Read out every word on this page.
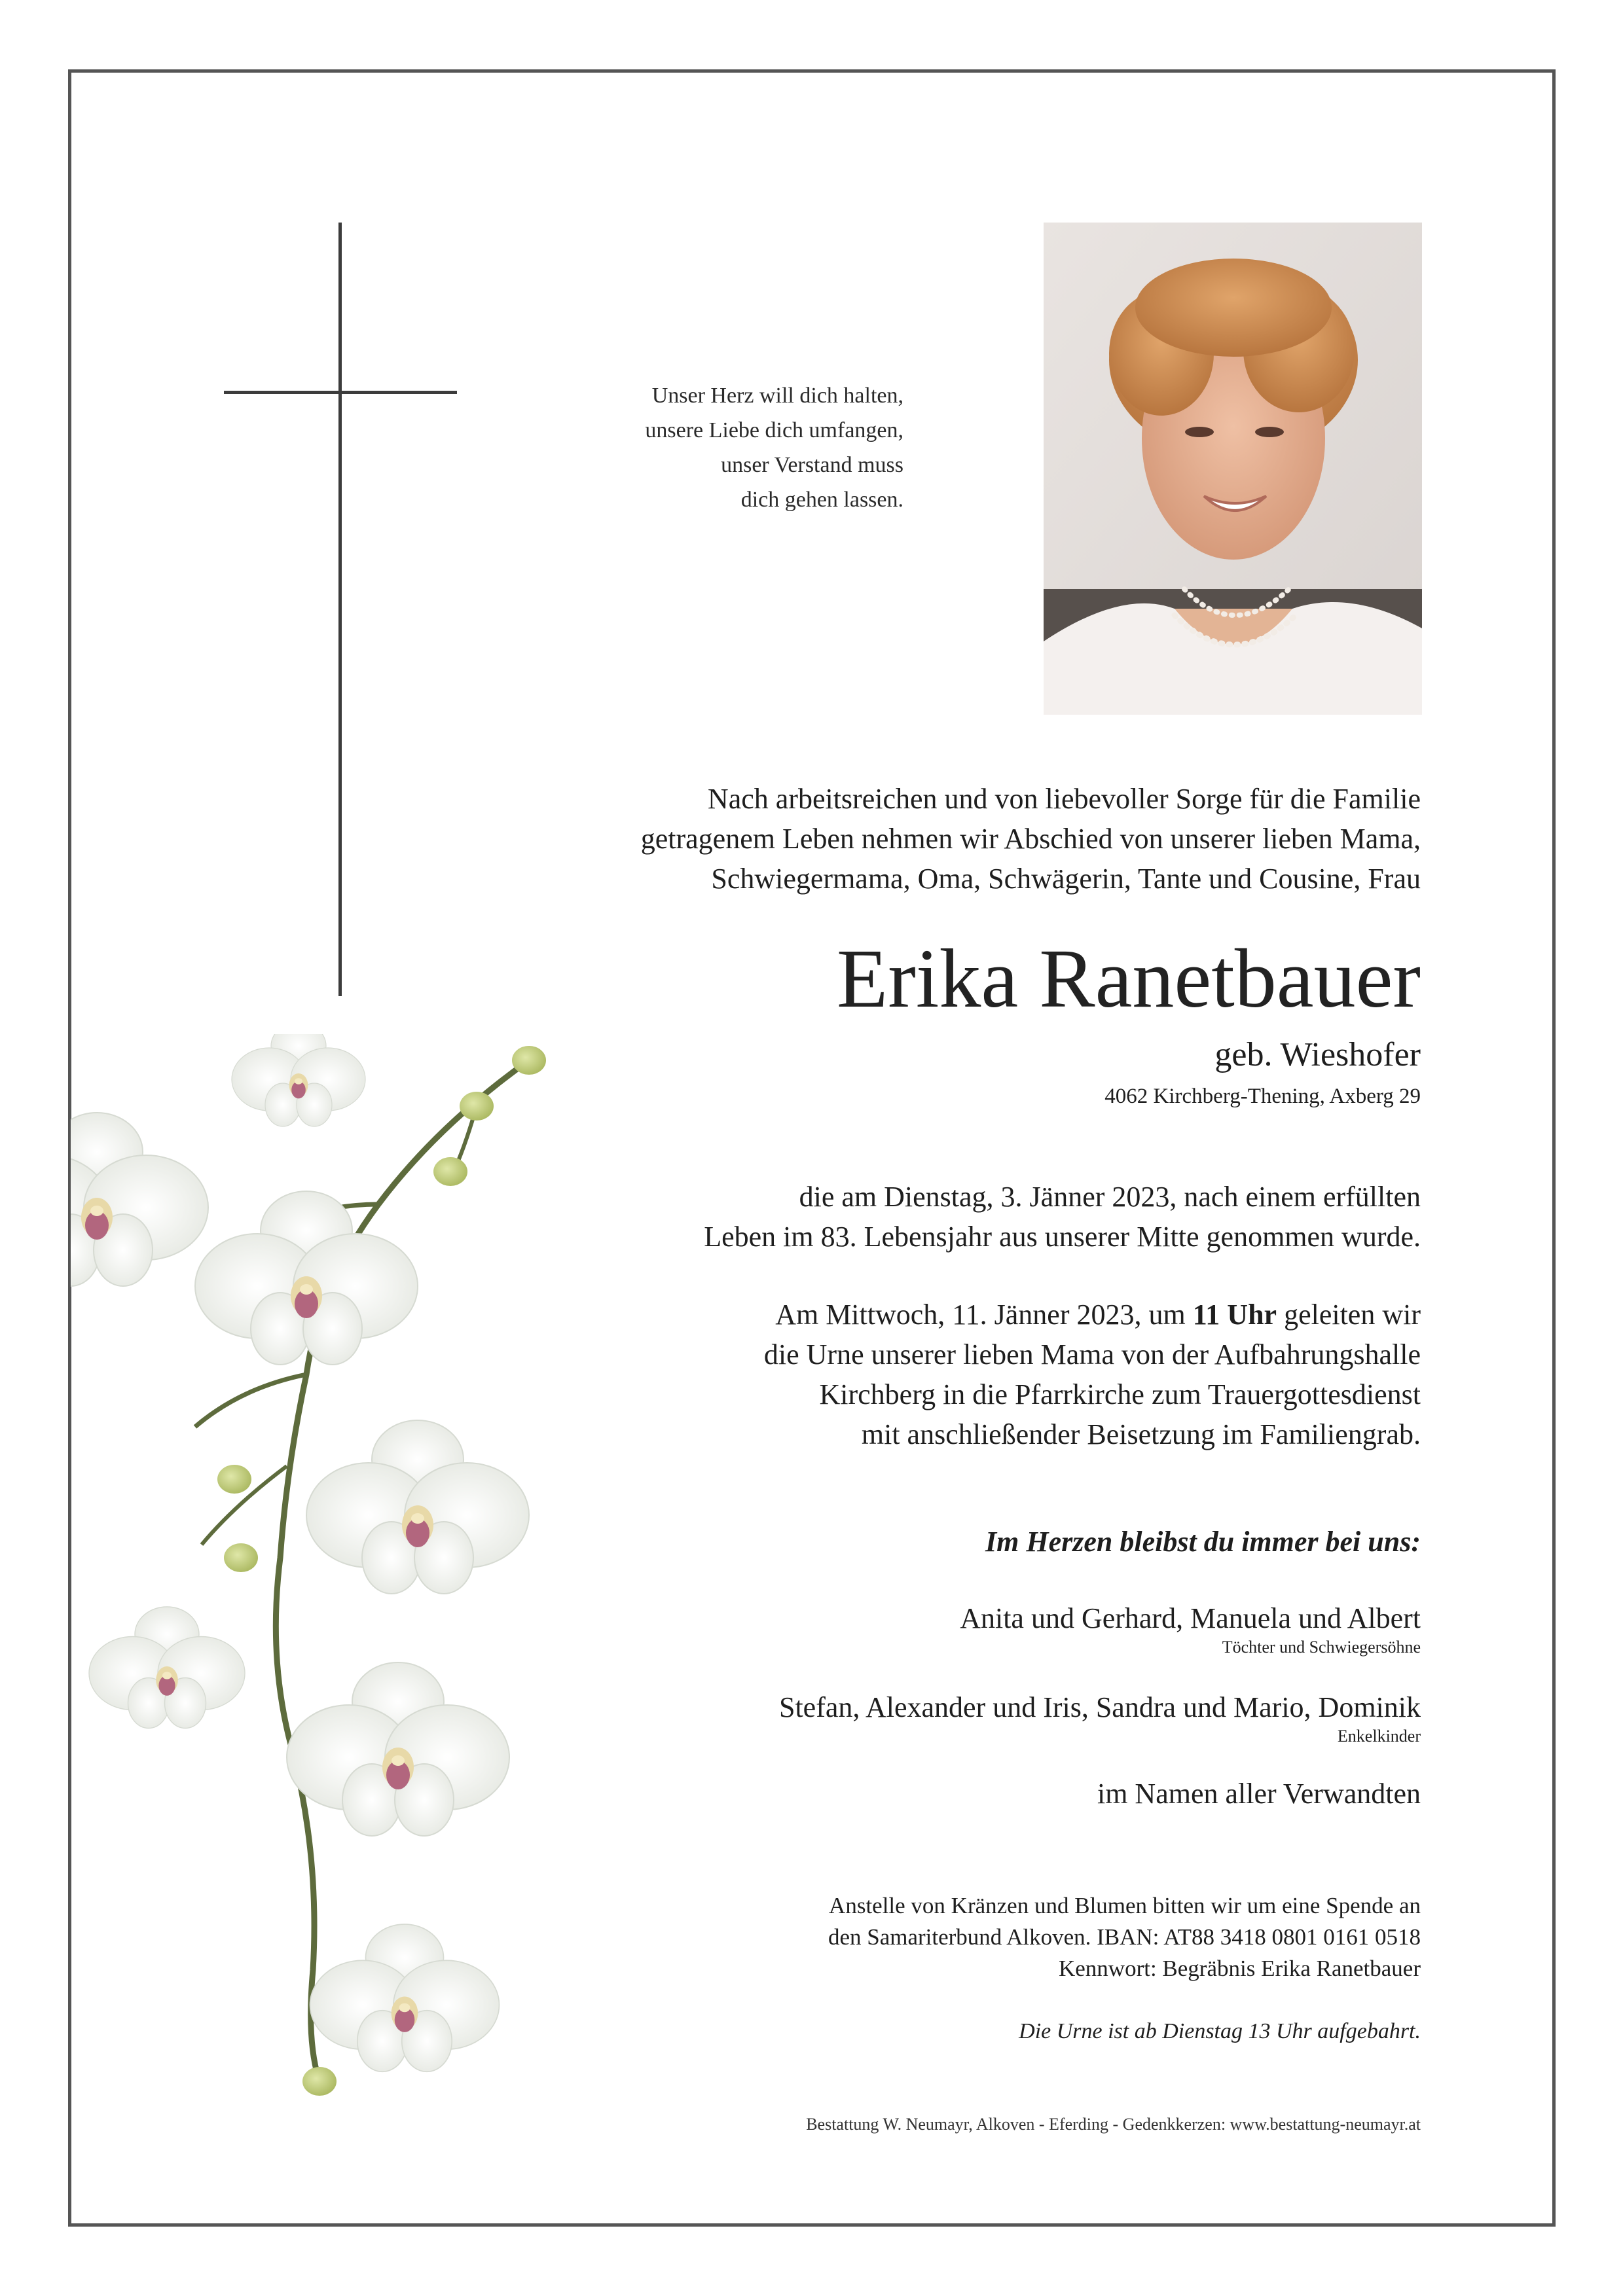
Unser Herz will dich halten,
unsere Liebe dich umfangen,
unser Verstand muss
dich gehen lassen.
Nach arbeitsreichen und von liebevoller Sorge für die Familie
getragenem Leben nehmen wir Abschied von unserer lieben Mama,
Schwiegermama, Oma, Schwägerin, Tante und Cousine, Frau
Erika Ranetbauer
geb. Wieshofer
4062 Kirchberg-Thening, Axberg 29
die am Dienstag, 3. Jänner 2023, nach einem erfüllten
Leben im 83. Lebensjahr aus unserer Mitte genommen wurde.
Am Mittwoch, 11. Jänner 2023, um 11 Uhr geleiten wir
die Urne unserer lieben Mama von der Aufbahrungshalle
Kirchberg in die Pfarrkirche zum Trauergottesdienst
mit anschließender Beisetzung im Familiengrab.
Im Herzen bleibst du immer bei uns:
Anita und Gerhard, Manuela und Albert
Töchter und Schwiegersöhne
Stefan, Alexander und Iris, Sandra und Mario, Dominik
Enkelkinder
im Namen aller Verwandten
Anstelle von Kränzen und Blumen bitten wir um eine Spende an
den Samariterbund Alkoven. IBAN: AT88 3418 0801 0161 0518
Kennwort: Begräbnis Erika Ranetbauer
Die Urne ist ab Dienstag 13 Uhr aufgebahrt.
Bestattung W. Neumayr, Alkoven - Eferding - Gedenkkerzen: www.bestattung-neumayr.at
